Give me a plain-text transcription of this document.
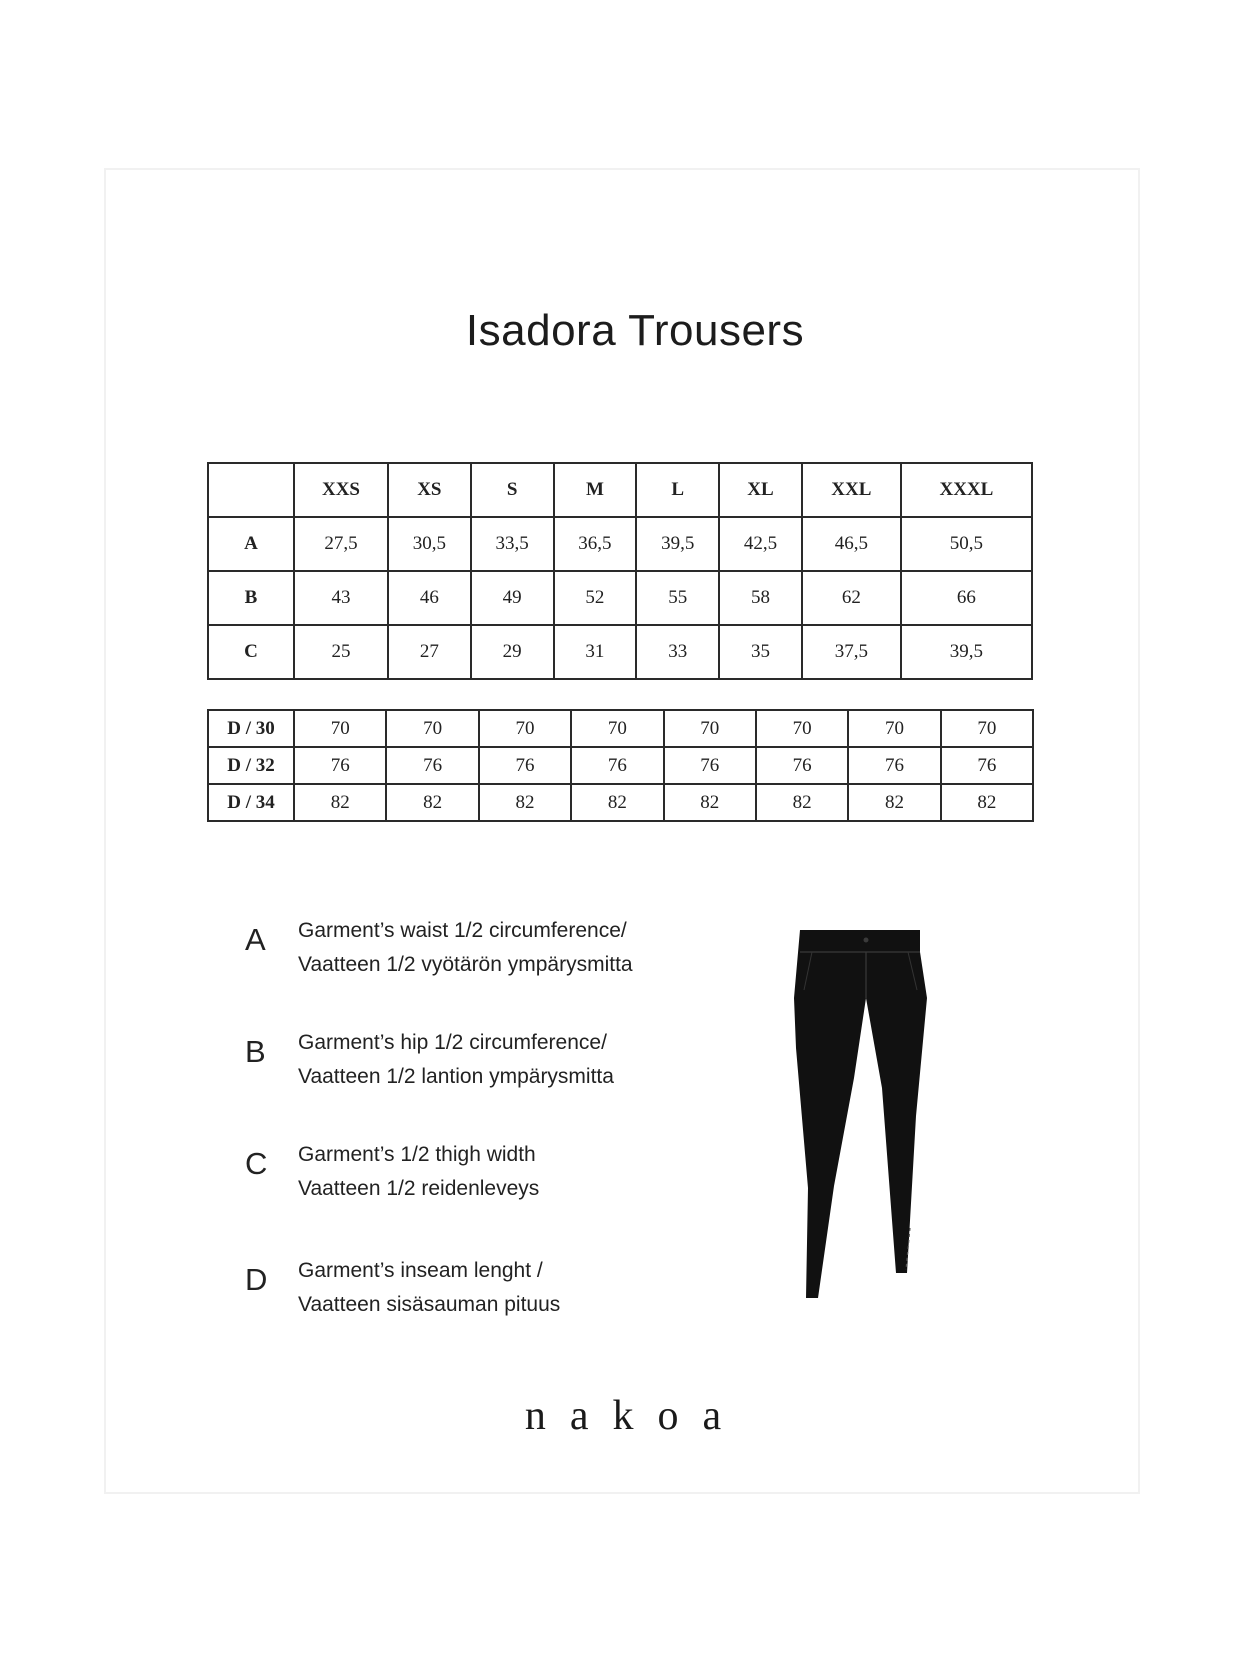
Isadora Trousers
	XXS	XS	S	M	L	XL	XXL	XXXL
A	27,5	30,5	33,5	36,5	39,5	42,5	46,5	50,5
B	43	46	49	52	55	58	62	66
C	25	27	29	31	33	35	37,5	39,5
D / 30	70	70	70	70	70	70	70	70
D / 32	76	76	76	76	76	76	76	76
D / 34	82	82	82	82	82	82	82	82
A Garment’s waist 1/2 circumference/
Vaatteen 1/2 vyötärön ympärysmitta
B Garment’s hip 1/2 circumference/
Vaatteen 1/2 lantion ympärysmitta
C Garment’s 1/2 thigh width
Vaatteen 1/2 reidenleveys
D Garment’s inseam lenght /
Vaatteen sisäsauman pituus
nakoa
